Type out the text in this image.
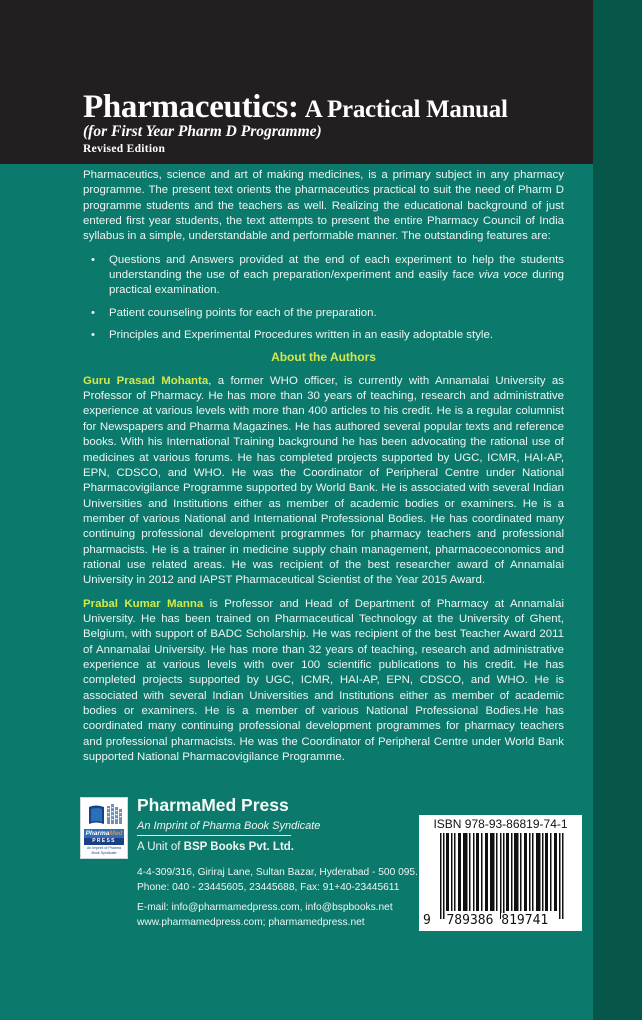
Pharmaceutics: A Practical Manual
(for First Year Pharm D Programme)
Revised Edition

Pharmaceutics, science and art of making medicines, is a primary subject in any pharmacy programme. The present text orients the pharmaceutics practical to suit the need of Pharm D programme students and the teachers as well. Realizing the educational background of just entered first year students, the text attempts to present the entire Pharmacy Council of India syllabus in a simple, understandable and performable manner. The outstanding features are:

• Questions and Answers provided at the end of each experiment to help the students understanding the use of each preparation/experiment and easily face viva voce during practical examination.
• Patient counseling points for each of the preparation.
• Principles and Experimental Procedures written in an easily adoptable style.
About the Authors

Guru Prasad Mohanta, a former WHO officer, is currently with Annamalai University as Professor of Pharmacy. He has more than 30 years of teaching, research and administrative experience at various levels with more than 400 articles to his credit. He is a regular columnist for Newspapers and Pharma Magazines. He has authored several popular texts and reference books. With his International Training background he has been advocating the rational use of medicines at various forums. He has completed projects supported by UGC, ICMR, HAI-AP, EPN, CDSCO, and WHO. He was the Coordinator of Peripheral Centre under National Pharmacovigilance Programme supported by World Bank. He is associated with several Indian Universities and Institutions either as member of academic bodies or examiners. He is a member of various National and International Professional Bodies. He has coordinated many continuing professional development programmes for pharmacy teachers and professional pharmacists. He is a trainer in medicine supply chain management, pharmacoeconomics and rational use related areas. He was recipient of the best researcher award of Annamalai University in 2012 and IAPST Pharmaceutical Scientist of the Year 2015 Award.

Prabal Kumar Manna is Professor and Head of Department of Pharmacy at Annamalai University. He has been trained on Pharmaceutical Technology at the University of Ghent, Belgium, with support of BADC Scholarship. He was recipient of the best Teacher Award 2011 of Annamalai University. He has more than 32 years of teaching, research and administrative experience at various levels with over 100 scientific publications to his credit. He has completed projects supported by UGC, ICMR, HAI-AP, EPN, CDSCO, and WHO. He is associated with several Indian Universities and Institutions either as member of academic bodies or examiners. He is a member of various National Professional Bodies.He has coordinated many continuing professional development programmes for pharmacy teachers and professional pharmacists. He was the Coordinator of Peripheral Centre under World Bank supported National Pharmacovigilance Programme.

PharmaMed
PRESS
An Imprint of Pharma Book Syndicate
PharmaMed Press
An Imprint of Pharma Book Syndicate
A Unit of BSP Books Pvt. Ltd.
4-4-309/316, Giriraj Lane, Sultan Bazar, Hyderabad - 500 095.
Phone: 040 - 23445605, 23445688, Fax: 91+40-23445611
E-mail: info@pharmamedpress.com, info@bspbooks.net
www.pharmamedpress.com; pharmamedpress.net
ISBN 978-93-86819-74-1
9 789386 819741
